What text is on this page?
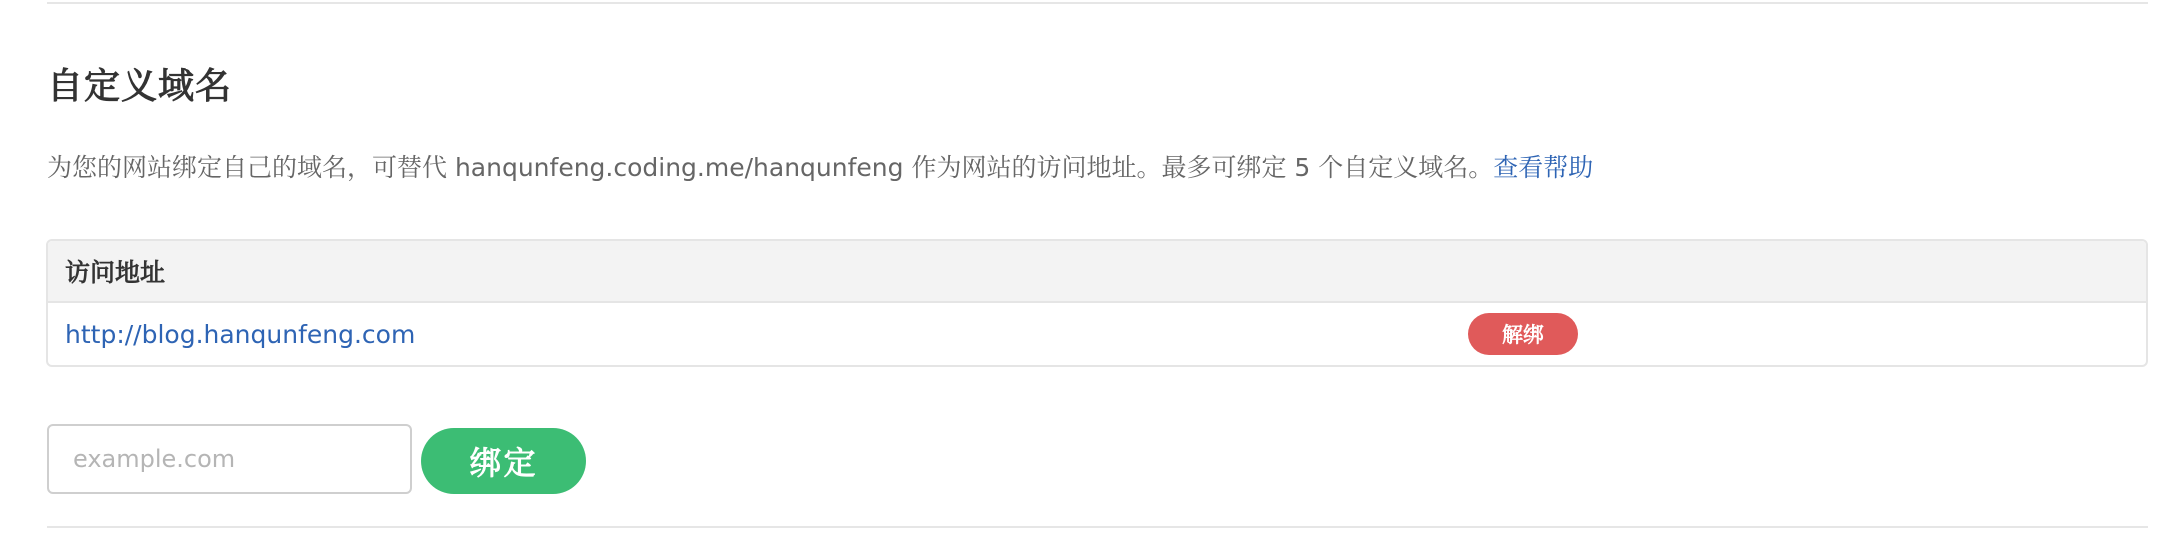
自定义域名
为您的网站绑定自己的域名，可替代 hanqunfeng.coding.me/hanqunfeng 作为网站的访问地址。最多可绑定 5 个自定义域名。查看帮助
访问地址
http://blog.hanqunfeng.com	解绑
example.com
绑定
